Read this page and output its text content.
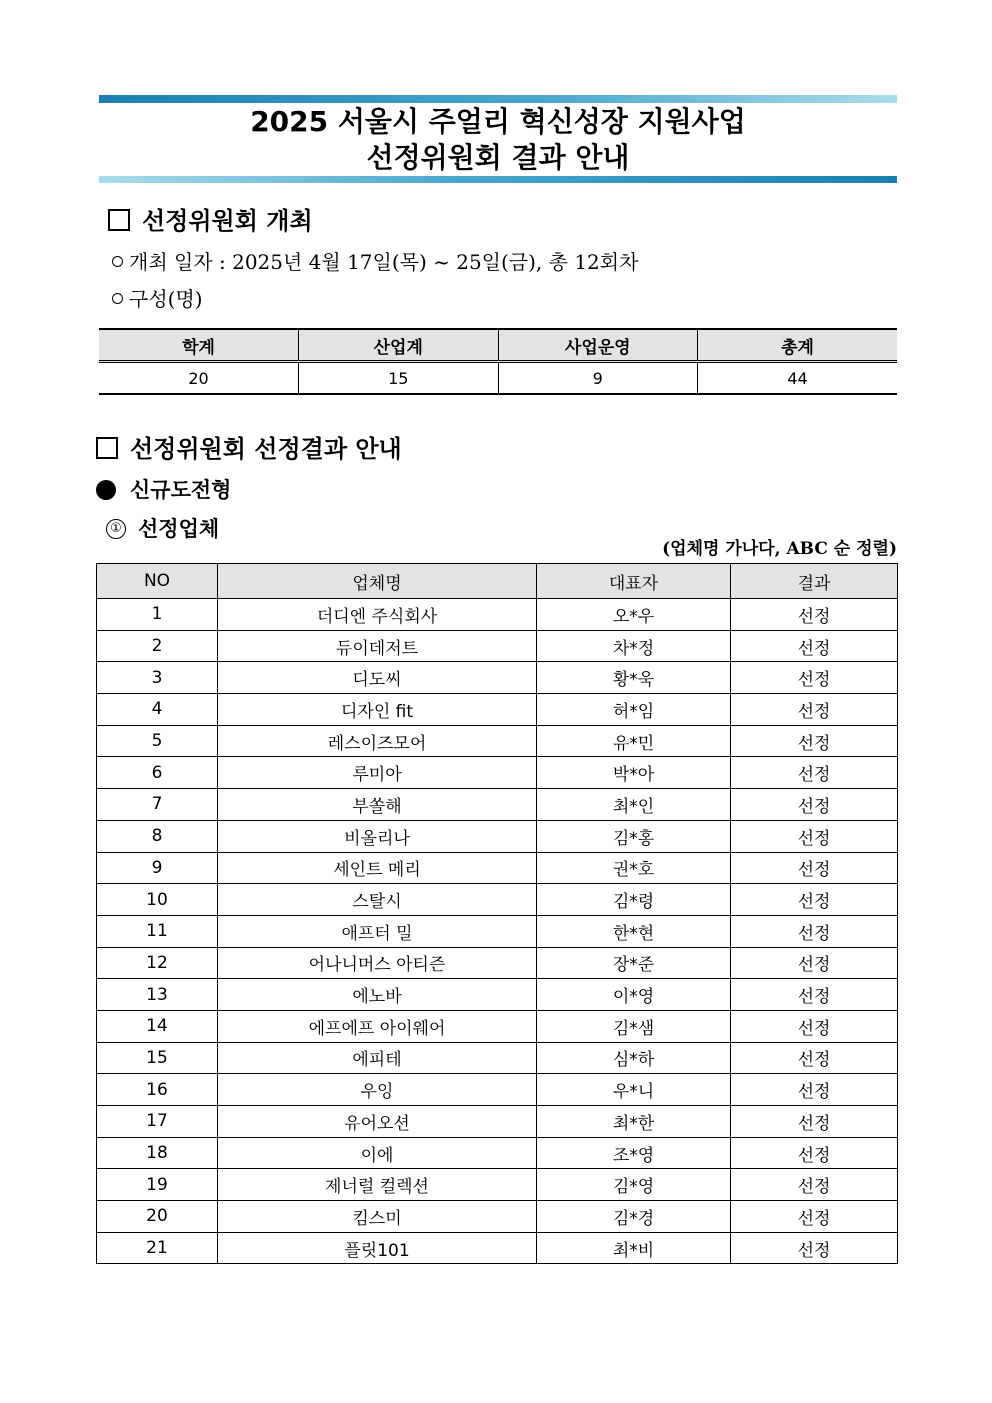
2025 서울시 주얼리 혁신성장 지원사업
선정위원회 결과 안내
선정위원회 개최
개최 일자 : 2025년 4월 17일(목) ~ 25일(금), 총 12회차
구성(명)
학계	산업계	사업운영	총계
20	15	9	44
선정위원회 선정결과 안내
신규도전형
① 선정업체
(업체명 가나다, ABC 순 정렬)
NO	업체명	대표자	결과
1	더디엔 주식회사	오*우	선정
2	듀이데저트	차*정	선정
3	디도씨	황*욱	선정
4	디자인 fit	허*임	선정
5	레스이즈모어	유*민	선정
6	루미아	박*아	선정
7	부쏠해	최*인	선정
8	비올리나	김*홍	선정
9	세인트 메리	권*호	선정
10	스탈시	김*령	선정
11	애프터 밀	한*현	선정
12	어나니머스 아티즌	장*준	선정
13	에노바	이*영	선정
14	에프에프 아이웨어	김*샘	선정
15	에피테	심*하	선정
16	우잉	우*니	선정
17	유어오션	최*한	선정
18	이에	조*영	선정
19	제너럴 컬렉션	김*영	선정
20	킴스미	김*경	선정
21	플릿101	최*비	선정
